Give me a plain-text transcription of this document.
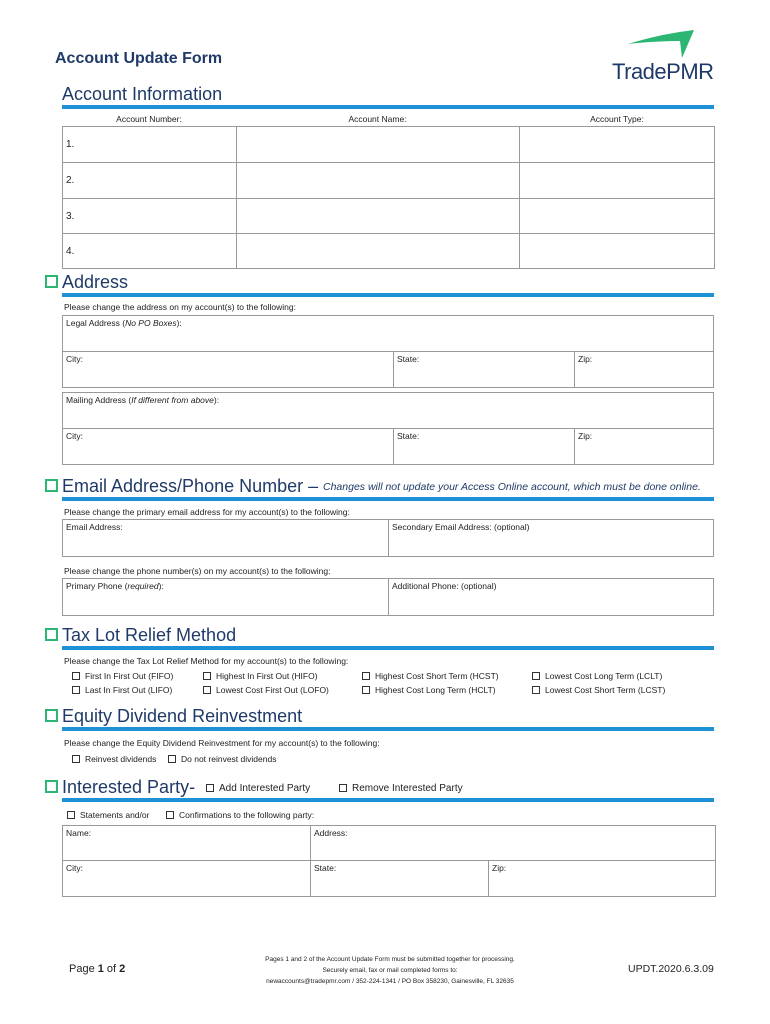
Account Update Form
TradePMR
Account Information
Account Number:	Account Name:	Account Type:
1.		
2.		
3.		
4.		
Address
Please change the address on my account(s) to the following:
Legal Address (No PO Boxes):
City:	State:	Zip:
Mailing Address (If different from above):
City:	State:	Zip:
Email Address/Phone Number – Changes will not update your Access Online account, which must be done online.
Please change the primary email address for my account(s) to the following:
Email Address:	Secondary Email Address: (optional)
Please change the phone number(s) on my account(s) to the following:
Primary Phone (required):	Additional Phone: (optional)
Tax Lot Relief Method
Please change the Tax Lot Relief Method for my account(s) to the following:
First In First Out (FIFO)	Highest In First Out (HIFO)	Highest Cost Short Term (HCST)	Lowest Cost Long Term (LCLT)
Last In First Out (LIFO)	Lowest Cost First Out (LOFO)	Highest Cost Long Term (HCLT)	Lowest Cost Short Term (LCST)
Equity Dividend Reinvestment
Please change the Equity Dividend Reinvestment for my account(s) to the following:
Reinvest dividends	Do not reinvest dividends
Interested Party-	Add Interested Party	Remove Interested Party
Statements and/or	Confirmations to the following party:
Name:	Address:	
City:	State:	Zip:
Page 1 of 2
Pages 1 and 2 of the Account Update Form must be submitted together for processing.
Securely email, fax or mail completed forms to:
newaccounts@tradepmr.com / 352-224-1341 / PO Box 358230, Gainesville, FL 32635
UPDT.2020.6.3.09
